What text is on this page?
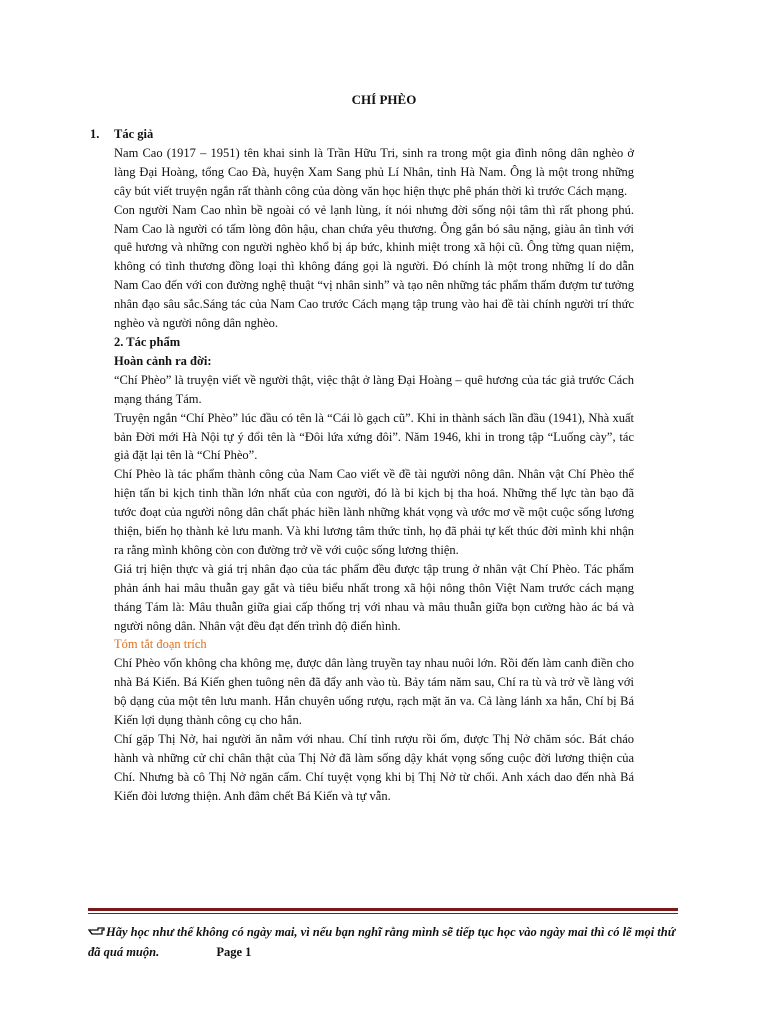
CHÍ PHÈO
1. Tác giả

Nam Cao (1917 – 1951) tên khai sinh là Trần Hữu Tri, sinh ra trong một gia đình nông dân nghèo ở làng Đại Hoàng, tổng Cao Đà, huyện Xam Sang phủ Lí Nhân, tỉnh Hà Nam. Ông là một trong những cây bút viết truyện ngắn rất thành công của dòng văn học hiện thực phê phán thời kì trước Cách mạng.

Con người Nam Cao nhìn bề ngoài có vẻ lạnh lùng, ít nói nhưng đời sống nội tâm thì rất phong phú. Nam Cao là người có tấm lòng đôn hậu, chan chứa yêu thương. Ông gắn bó sâu nặng, giàu ân tình với quê hương và những con người nghèo khổ bị áp bức, khinh miệt trong xã hội cũ. Ông từng quan niệm, không có tình thương đồng loại thì không đáng gọi là người. Đó chính là một trong những lí do dẫn Nam Cao đến với con đường nghệ thuật “vị nhân sinh” và tạo nên những tác phẩm thấm đượm tư tưởng nhân đạo sâu sắc.Sáng tác của Nam Cao trước Cách mạng tập trung vào hai đề tài chính người trí thức nghèo và người nông dân nghèo.

2. Tác phẩm

Hoàn cảnh ra đời:

“Chí Phèo” là truyện viết về người thật, việc thật ở làng Đại Hoàng – quê hương của tác giả trước Cách mạng tháng Tám.

Truyện ngắn “Chí Phèo” lúc đầu có tên là “Cái lò gạch cũ”. Khi in thành sách lần đầu (1941), Nhà xuất bản Đời mới Hà Nội tự ý đổi tên là “Đôi lứa xứng đôi”. Năm 1946, khi in trong tập “Luống cày”, tác giả đặt lại tên là “Chí Phèo”.

Chí Phèo là tác phẩm thành công của Nam Cao viết về đề tài người nông dân. Nhân vật Chí Phèo thể hiện tấn bi kịch tinh thần lớn nhất của con người, đó là bi kịch bị tha hoá. Những thế lực tàn bạo đã tước đoạt của người nông dân chất phác hiền lành những khát vọng và ước mơ về một cuộc sống lương thiện, biến họ thành kẻ lưu manh. Và khi lương tâm thức tỉnh, họ đã phải tự kết thúc đời mình khi nhận ra rằng mình không còn con đường trở về với cuộc sống lương thiện.

Giá trị hiện thực và giá trị nhân đạo của tác phẩm đều được tập trung ở nhân vật Chí Phèo. Tác phẩm phản ánh hai mâu thuẫn gay gắt và tiêu biểu nhất trong xã hội nông thôn Việt Nam trước cách mạng tháng Tám là: Mâu thuẫn giữa giai cấp thống trị với nhau và mâu thuẫn giữa bọn cường hào ác bá và người nông dân. Nhân vật đều đạt đến trình độ điển hình.

Tóm tắt đoạn trích

Chí Phèo vốn không cha không mẹ, được dân làng truyền tay nhau nuôi lớn. Rồi đến làm canh điền cho nhà Bá Kiến. Bá Kiến ghen tuông nên đã đẩy anh vào tù. Bảy tám năm sau, Chí ra tù và trở về làng với bộ dạng của một tên lưu manh. Hắn chuyên uống rượu, rạch mặt ăn va. Cả làng lánh xa hắn, Chí bị Bá Kiến lợi dụng thành công cụ cho hắn.

Chí gặp Thị Nở, hai người ăn nằm với nhau. Chí tỉnh rượu rồi ốm, được Thị Nở chăm sóc. Bát cháo hành và những cử chỉ chân thật của Thị Nở đã làm sống dậy khát vọng sống cuộc đời lương thiện của Chí. Nhưng bà cô Thị Nở ngăn cấm. Chí tuyệt vọng khi bị Thị Nở từ chối. Anh xách dao đến nhà Bá Kiến đòi lương thiện. Anh đâm chết Bá Kiến và tự vẫn.

Hãy học như thế không có ngày mai, vì nếu bạn nghĩ rằng mình sẽ tiếp tục học vào ngày mai thì có lẽ mọi thứ đã quá muộn.	Page 1
